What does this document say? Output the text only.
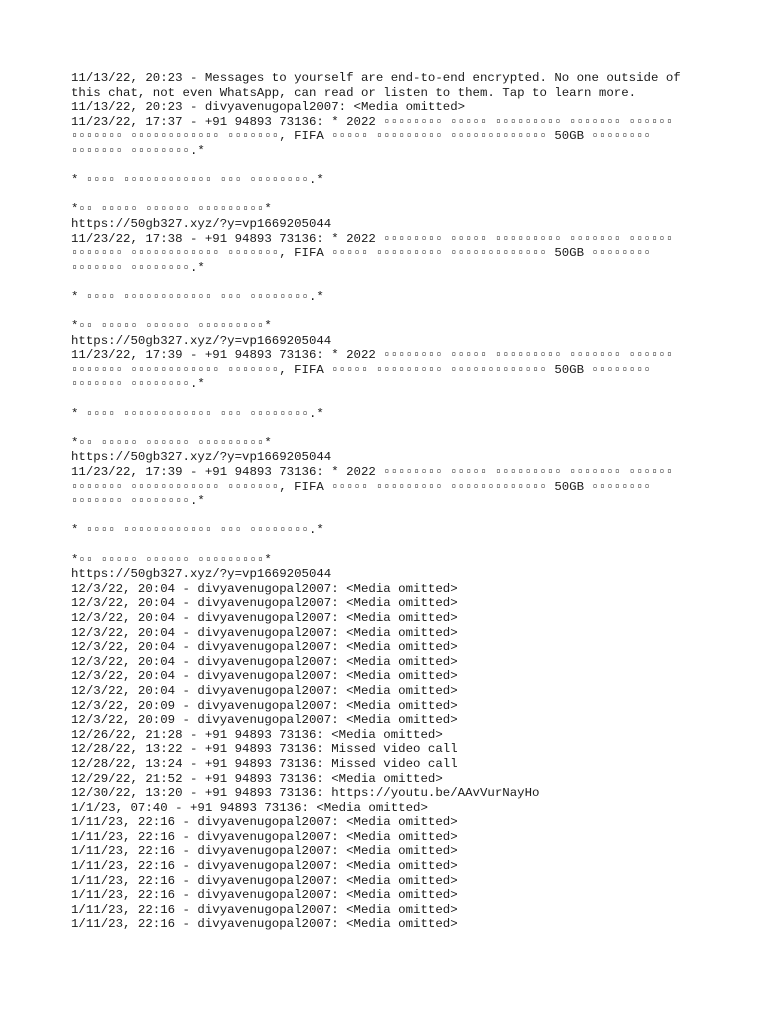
11/13/22, 20:23 - Messages to yourself are end-to-end encrypted. No one outside of
this chat, not even WhatsApp, can read or listen to them. Tap to learn more.
11/13/22, 20:23 - divyavenugopal2007: <Media omitted>
11/23/22, 17:37 - +91 94893 73136: * 2022 ▫▫▫▫▫▫▫▫ ▫▫▫▫▫ ▫▫▫▫▫▫▫▫▫ ▫▫▫▫▫▫▫ ▫▫▫▫▫▫
▫▫▫▫▫▫▫ ▫▫▫▫▫▫▫▫▫▫▫▫ ▫▫▫▫▫▫▫, FIFA ▫▫▫▫▫ ▫▫▫▫▫▫▫▫▫ ▫▫▫▫▫▫▫▫▫▫▫▫▫ 50GB ▫▫▫▫▫▫▫▫
▫▫▫▫▫▫▫ ▫▫▫▫▫▫▫▫.*
* ▫▫▫▫ ▫▫▫▫▫▫▫▫▫▫▫▫ ▫▫▫ ▫▫▫▫▫▫▫▫.*
*▫▫ ▫▫▫▫▫ ▫▫▫▫▫▫ ▫▫▫▫▫▫▫▫▫*
https://50gb327.xyz/?y=vp1669205044
11/23/22, 17:38 - +91 94893 73136: * 2022 ▫▫▫▫▫▫▫▫ ▫▫▫▫▫ ▫▫▫▫▫▫▫▫▫ ▫▫▫▫▫▫▫ ▫▫▫▫▫▫
▫▫▫▫▫▫▫ ▫▫▫▫▫▫▫▫▫▫▫▫ ▫▫▫▫▫▫▫, FIFA ▫▫▫▫▫ ▫▫▫▫▫▫▫▫▫ ▫▫▫▫▫▫▫▫▫▫▫▫▫ 50GB ▫▫▫▫▫▫▫▫
▫▫▫▫▫▫▫ ▫▫▫▫▫▫▫▫.*
* ▫▫▫▫ ▫▫▫▫▫▫▫▫▫▫▫▫ ▫▫▫ ▫▫▫▫▫▫▫▫.*
*▫▫ ▫▫▫▫▫ ▫▫▫▫▫▫ ▫▫▫▫▫▫▫▫▫*
https://50gb327.xyz/?y=vp1669205044
11/23/22, 17:39 - +91 94893 73136: * 2022 ▫▫▫▫▫▫▫▫ ▫▫▫▫▫ ▫▫▫▫▫▫▫▫▫ ▫▫▫▫▫▫▫ ▫▫▫▫▫▫
▫▫▫▫▫▫▫ ▫▫▫▫▫▫▫▫▫▫▫▫ ▫▫▫▫▫▫▫, FIFA ▫▫▫▫▫ ▫▫▫▫▫▫▫▫▫ ▫▫▫▫▫▫▫▫▫▫▫▫▫ 50GB ▫▫▫▫▫▫▫▫
▫▫▫▫▫▫▫ ▫▫▫▫▫▫▫▫.*
* ▫▫▫▫ ▫▫▫▫▫▫▫▫▫▫▫▫ ▫▫▫ ▫▫▫▫▫▫▫▫.*
*▫▫ ▫▫▫▫▫ ▫▫▫▫▫▫ ▫▫▫▫▫▫▫▫▫*
https://50gb327.xyz/?y=vp1669205044
11/23/22, 17:39 - +91 94893 73136: * 2022 ▫▫▫▫▫▫▫▫ ▫▫▫▫▫ ▫▫▫▫▫▫▫▫▫ ▫▫▫▫▫▫▫ ▫▫▫▫▫▫
▫▫▫▫▫▫▫ ▫▫▫▫▫▫▫▫▫▫▫▫ ▫▫▫▫▫▫▫, FIFA ▫▫▫▫▫ ▫▫▫▫▫▫▫▫▫ ▫▫▫▫▫▫▫▫▫▫▫▫▫ 50GB ▫▫▫▫▫▫▫▫
▫▫▫▫▫▫▫ ▫▫▫▫▫▫▫▫.*
* ▫▫▫▫ ▫▫▫▫▫▫▫▫▫▫▫▫ ▫▫▫ ▫▫▫▫▫▫▫▫.*
*▫▫ ▫▫▫▫▫ ▫▫▫▫▫▫ ▫▫▫▫▫▫▫▫▫*
https://50gb327.xyz/?y=vp1669205044
12/3/22, 20:04 - divyavenugopal2007: <Media omitted>
12/3/22, 20:04 - divyavenugopal2007: <Media omitted>
12/3/22, 20:04 - divyavenugopal2007: <Media omitted>
12/3/22, 20:04 - divyavenugopal2007: <Media omitted>
12/3/22, 20:04 - divyavenugopal2007: <Media omitted>
12/3/22, 20:04 - divyavenugopal2007: <Media omitted>
12/3/22, 20:04 - divyavenugopal2007: <Media omitted>
12/3/22, 20:04 - divyavenugopal2007: <Media omitted>
12/3/22, 20:09 - divyavenugopal2007: <Media omitted>
12/3/22, 20:09 - divyavenugopal2007: <Media omitted>
12/26/22, 21:28 - +91 94893 73136: <Media omitted>
12/28/22, 13:22 - +91 94893 73136: Missed video call
12/28/22, 13:24 - +91 94893 73136: Missed video call
12/29/22, 21:52 - +91 94893 73136: <Media omitted>
12/30/22, 13:20 - +91 94893 73136: https://youtu.be/AAvVurNayHo
1/1/23, 07:40 - +91 94893 73136: <Media omitted>
1/11/23, 22:16 - divyavenugopal2007: <Media omitted>
1/11/23, 22:16 - divyavenugopal2007: <Media omitted>
1/11/23, 22:16 - divyavenugopal2007: <Media omitted>
1/11/23, 22:16 - divyavenugopal2007: <Media omitted>
1/11/23, 22:16 - divyavenugopal2007: <Media omitted>
1/11/23, 22:16 - divyavenugopal2007: <Media omitted>
1/11/23, 22:16 - divyavenugopal2007: <Media omitted>
1/11/23, 22:16 - divyavenugopal2007: <Media omitted>
